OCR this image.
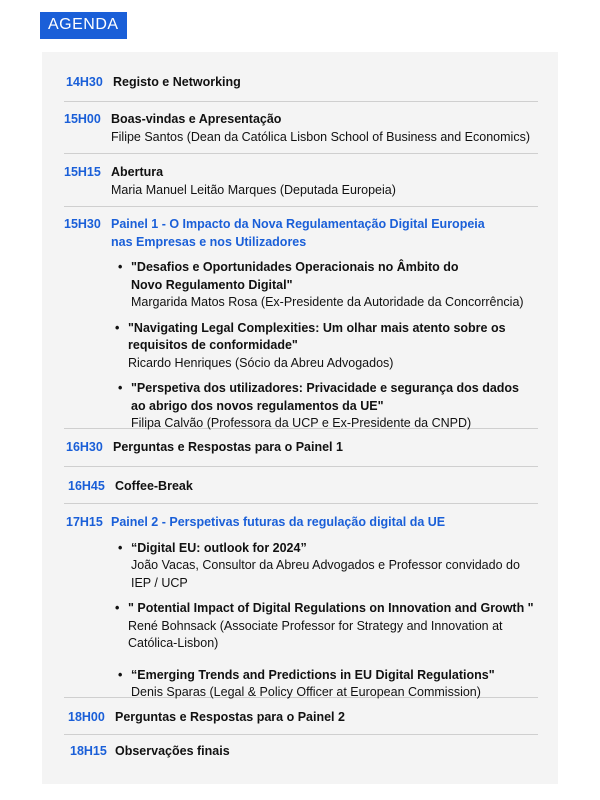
AGENDA
14H30 Registo e Networking
15H00 Boas-vindas e Apresentação
Filipe Santos (Dean da Católica Lisbon School of Business and Economics)
15H15 Abertura
Maria Manuel Leitão Marques (Deputada Europeia)
15H30 Painel 1 - O Impacto da Nova Regulamentação Digital Europeia nas Empresas e nos Utilizadores
• "Desafios e Oportunidades Operacionais no Âmbito do Novo Regulamento Digital"
Margarida Matos Rosa (Ex-Presidente da Autoridade da Concorrência)
• "Navigating Legal Complexities: Um olhar mais atento sobre os requisitos de conformidade"
Ricardo Henriques (Sócio da Abreu Advogados)
• "Perspetiva dos utilizadores: Privacidade e segurança dos dados ao abrigo dos novos regulamentos da UE"
Filipa Calvão (Professora da UCP e Ex-Presidente da CNPD)
16H30 Perguntas e Respostas para o Painel 1
16H45 Coffee-Break
17H15 Painel 2 - Perspetivas futuras da regulação digital da UE
• “Digital EU: outlook for 2024”
João Vacas, Consultor da Abreu Advogados e Professor convidado do IEP / UCP
• " Potential Impact of Digital Regulations on Innovation and Growth "
René Bohnsack (Associate Professor for Strategy and Innovation at Católica-Lisbon)
• “Emerging Trends and Predictions in EU Digital Regulations"
Denis Sparas (Legal & Policy Officer at European Commission)
18H00 Perguntas e Respostas para o Painel 2
18H15 Observações finais
